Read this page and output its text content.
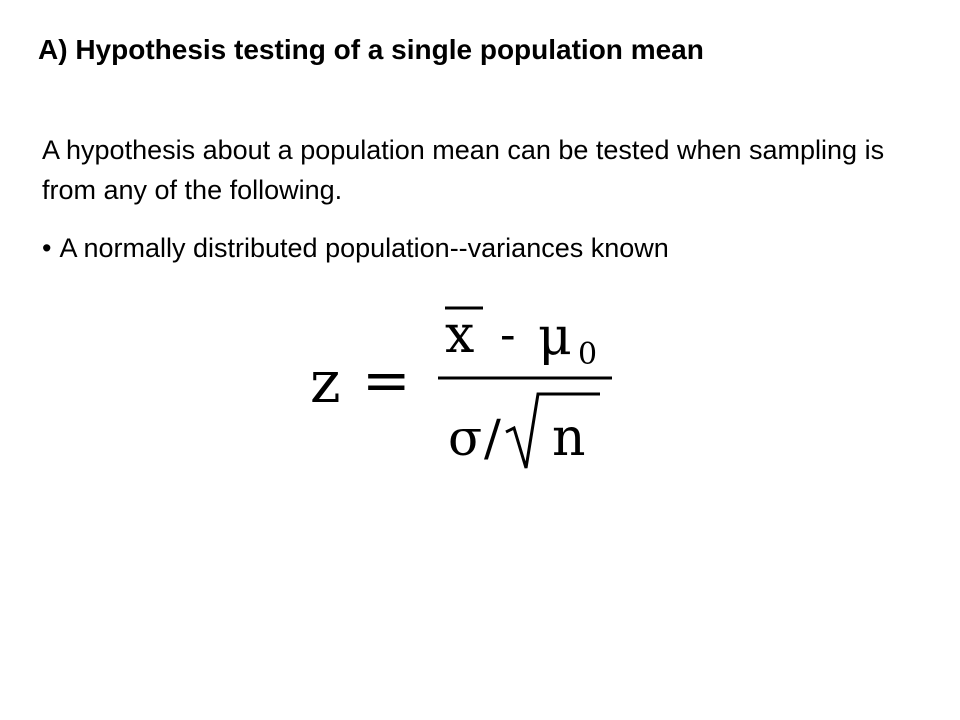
A) Hypothesis testing of a single population mean
A hypothesis about a population mean can be tested when sampling is from any of the following.
• A normally distributed population--variances known
z =
x - μ 0
σ / n
